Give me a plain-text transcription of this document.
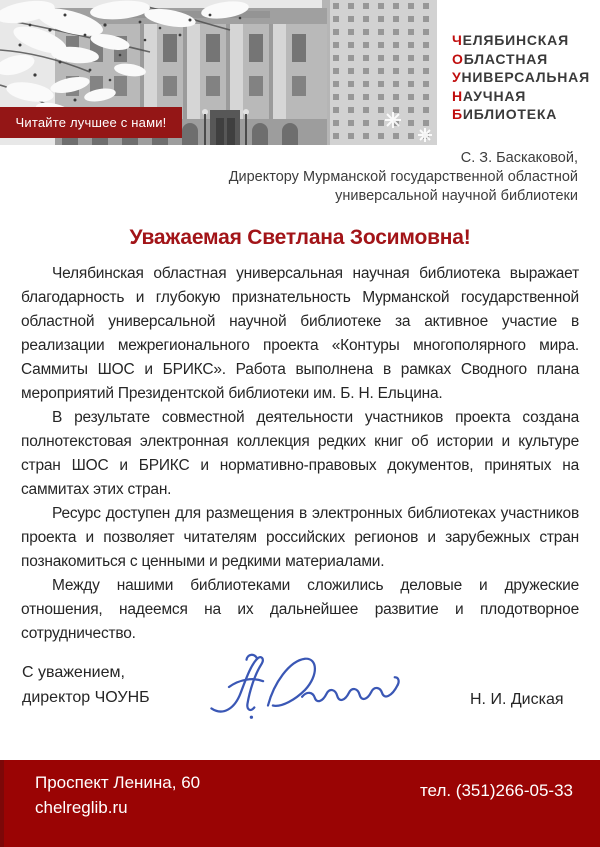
Читайте лучшее с нами!
ЧЕЛЯБИНСКАЯ
ОБЛАСТНАЯ
УНИВЕРСАЛЬНАЯ
НАУЧНАЯ
БИБЛИОТЕКА
С. З. Баскаковой,
Директору Мурманской государственной областной
универсальной научной библиотеки
Уважаемая Светлана Зосимовна!

Челябинская областная универсальная научная библиотека выражает благодарность и глубокую признательность Мурманской государственной областной универсальной научной библиотеке за активное участие в реализации межрегионального проекта «Контуры многополярного мира. Саммиты ШОС и БРИКС». Работа выполнена в рамках Сводного плана мероприятий Президентской библиотеки им. Б. Н. Ельцина.

В результате совместной деятельности участников проекта создана полнотекстовая электронная коллекция редких книг об истории и культуре стран ШОС и БРИКС и нормативно-правовых документов, принятых на саммитах этих стран.

Ресурс доступен для размещения в электронных библиотеках участников проекта и позволяет читателям российских регионов и зарубежных стран познакомиться с ценными и редкими материалами.

Между нашими библиотеками сложились деловые и дружеские отношения, надеемся на их дальнейшее развитие и плодотворное сотрудничество.

С уважением,
директор ЧОУНБ	Н. И. Диская
Проспект Ленина, 60
chelreglib.ru
тел. (351)266-05-33
